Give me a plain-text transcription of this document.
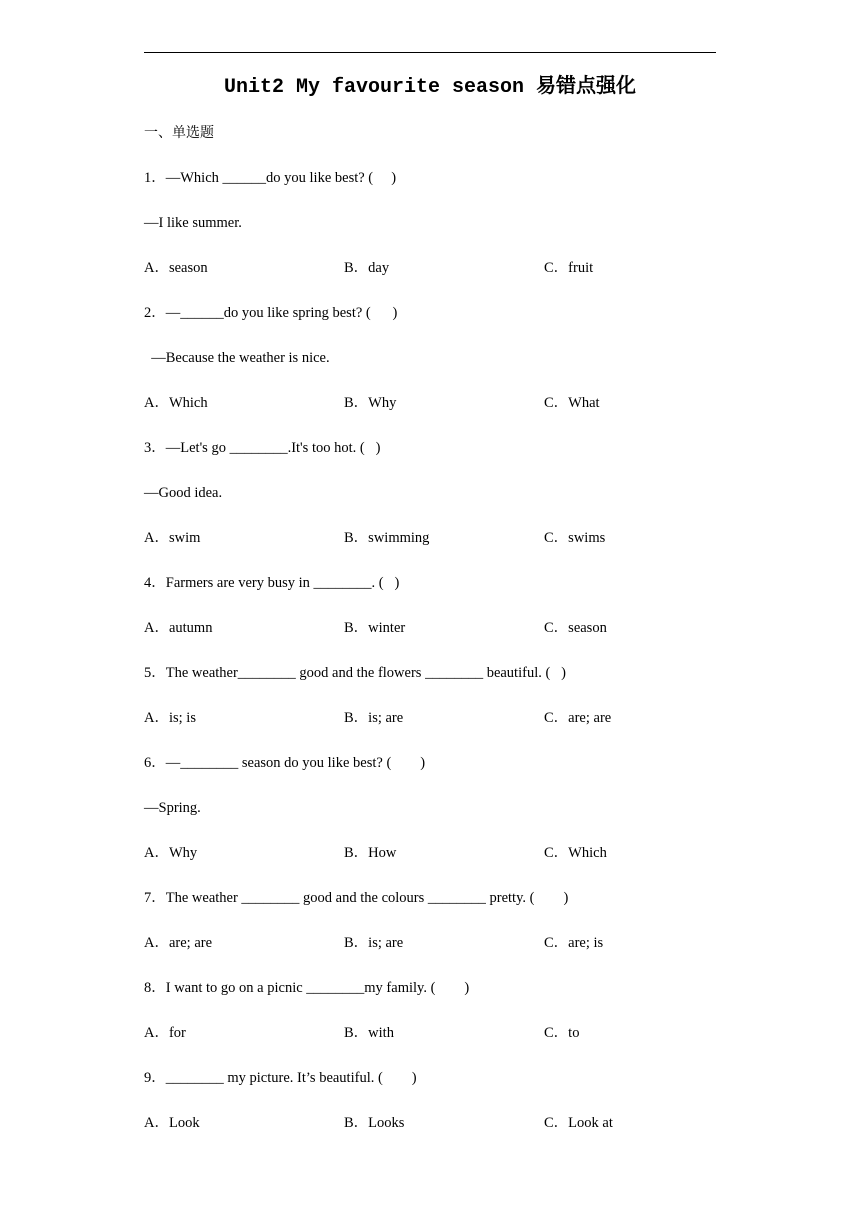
Unit2 My favourite season 易错点强化
一、单选题
1．—Which ______do you like best? (     )
—I like summer.
A．season	B．day	C．fruit
2．—______do you like spring best? (      )
—Because the weather is nice.
A．Which	B．Why	C．What
3．—Let's go ________.It's too hot. (   )
—Good idea.
A．swim	B．swimming	C．swims
4．Farmers are very busy in ________. (   )
A．autumn	B．winter	C．season
5．The weather________ good and the flowers ________ beautiful. (   )
A．is; is	B．is; are	C．are; are
6．—________ season do you like best? (        )
—Spring.
A．Why	B．How	C．Which
7．The weather ________ good and the colours ________ pretty. (        )
A．are; are	B．is; are	C．are; is
8．I want to go on a picnic ________my family. (        )
A．for	B．with	C．to
9．________ my picture. It’s beautiful. (        )
A．Look	B．Looks	C．Look at
